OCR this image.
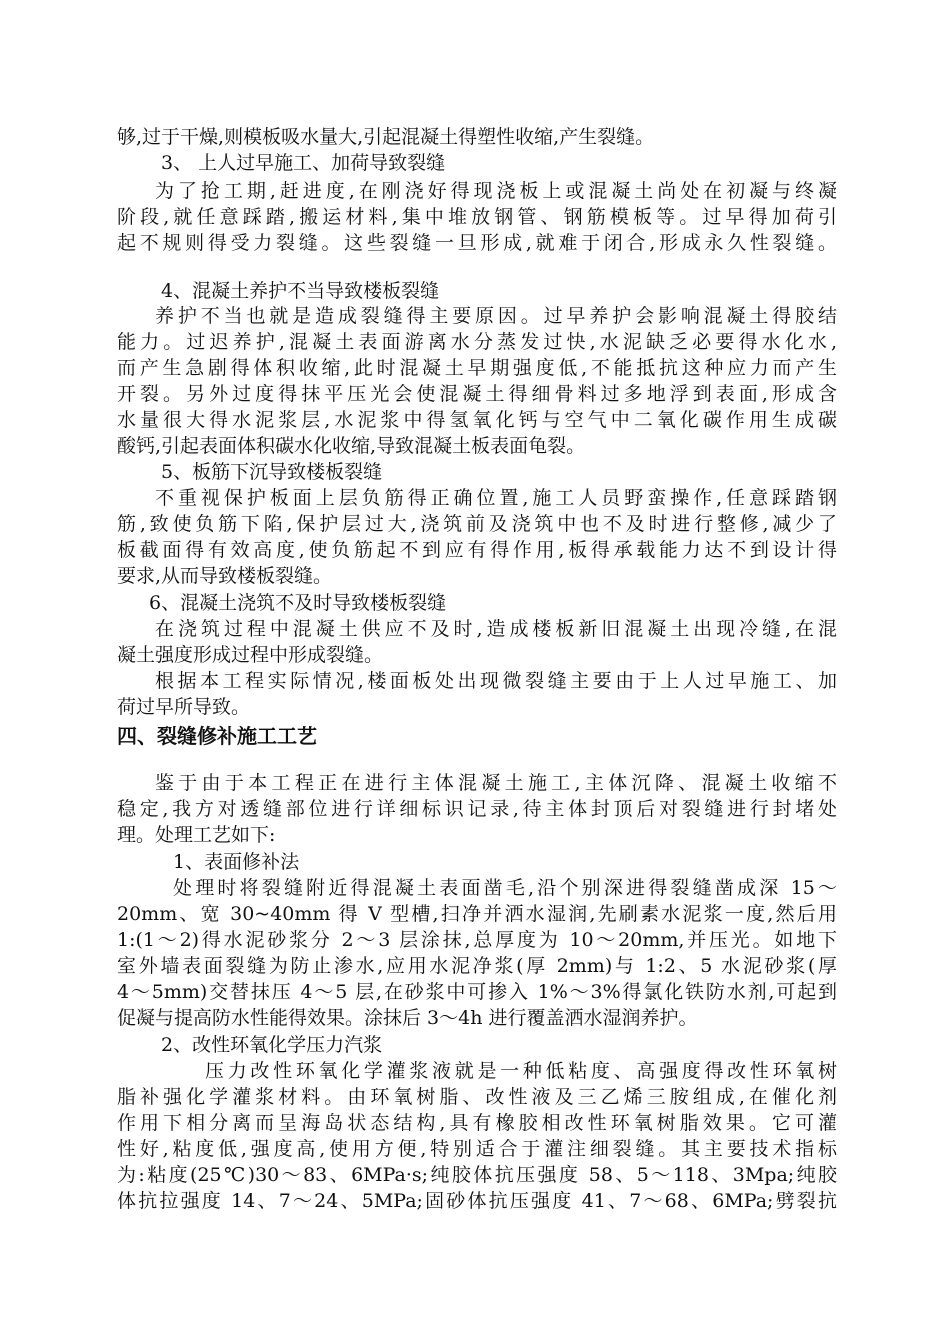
够,过于干燥,则模板吸水量大,引起混凝土得塑性收缩,产生裂缝。
3、 上人过早施工、加荷导致裂缝
为了抢工期,赶进度,在刚浇好得现浇板上或混凝土尚处在初凝与终凝
阶段,就任意踩踏,搬运材料,集中堆放钢管、钢筋模板等。过早得加荷引
起不规则得受力裂缝。这些裂缝一旦形成,就难于闭合,形成永久性裂缝。
4、混凝土养护不当导致楼板裂缝
养护不当也就是造成裂缝得主要原因。过早养护会影响混凝土得胶结
能力。过迟养护,混凝土表面游离水分蒸发过快,水泥缺乏必要得水化水,
而产生急剧得体积收缩,此时混凝土早期强度低,不能抵抗这种应力而产生
开裂。另外过度得抹平压光会使混凝土得细骨料过多地浮到表面,形成含
水量很大得水泥浆层,水泥浆中得氢氧化钙与空气中二氧化碳作用生成碳
酸钙,引起表面体积碳水化收缩,导致混凝土板表面龟裂。
5、板筋下沉导致楼板裂缝
不重视保护板面上层负筋得正确位置,施工人员野蛮操作,任意踩踏钢
筋,致使负筋下陷,保护层过大,浇筑前及浇筑中也不及时进行整修,减少了
板截面得有效高度,使负筋起不到应有得作用,板得承载能力达不到设计得
要求,从而导致楼板裂缝。
6、混凝土浇筑不及时导致楼板裂缝
在浇筑过程中混凝土供应不及时,造成楼板新旧混凝土出现冷缝,在混
凝土强度形成过程中形成裂缝。
根据本工程实际情况,楼面板处出现微裂缝主要由于上人过早施工、加
荷过早所导致。
四、裂缝修补施工工艺
鉴于由于本工程正在进行主体混凝土施工,主体沉降、混凝土收缩不
稳定,我方对透缝部位进行详细标识记录,待主体封顶后对裂缝进行封堵处
理。处理工艺如下:
1、表面修补法
处理时将裂缝附近得混凝土表面凿毛,沿个别深进得裂缝凿成深 15～
20mm、宽 30~40mm 得 V 型槽,扫净并洒水湿润,先刷素水泥浆一度,然后用
1:(1～2)得水泥砂浆分 2～3 层涂抹,总厚度为 10～20mm,并压光。如地下
室外墙表面裂缝为防止渗水,应用水泥净浆(厚 2mm)与 1:2、5 水泥砂浆(厚
4～5mm)交替抹压 4～5 层,在砂浆中可掺入 1%～3%得氯化铁防水剂,可起到
促凝与提高防水性能得效果。涂抹后 3～4h 进行覆盖洒水湿润养护。
2、改性环氧化学压力汽浆
压力改性环氧化学灌浆液就是一种低粘度、高强度得改性环氧树
脂补强化学灌浆材料。由环氧树脂、改性液及三乙烯三胺组成,在催化剂
作用下相分离而呈海岛状态结构,具有橡胶相改性环氧树脂效果。它可灌
性好,粘度低,强度高,使用方便,特别适合于灌注细裂缝。其主要技术指标
为:粘度(25℃)30～83、6MPa·s;纯胶体抗压强度 58、5～118、3Mpa;纯胶
体抗拉强度 14、7～24、5MPa;固砂体抗压强度 41、7～68、6MPa;劈裂抗
